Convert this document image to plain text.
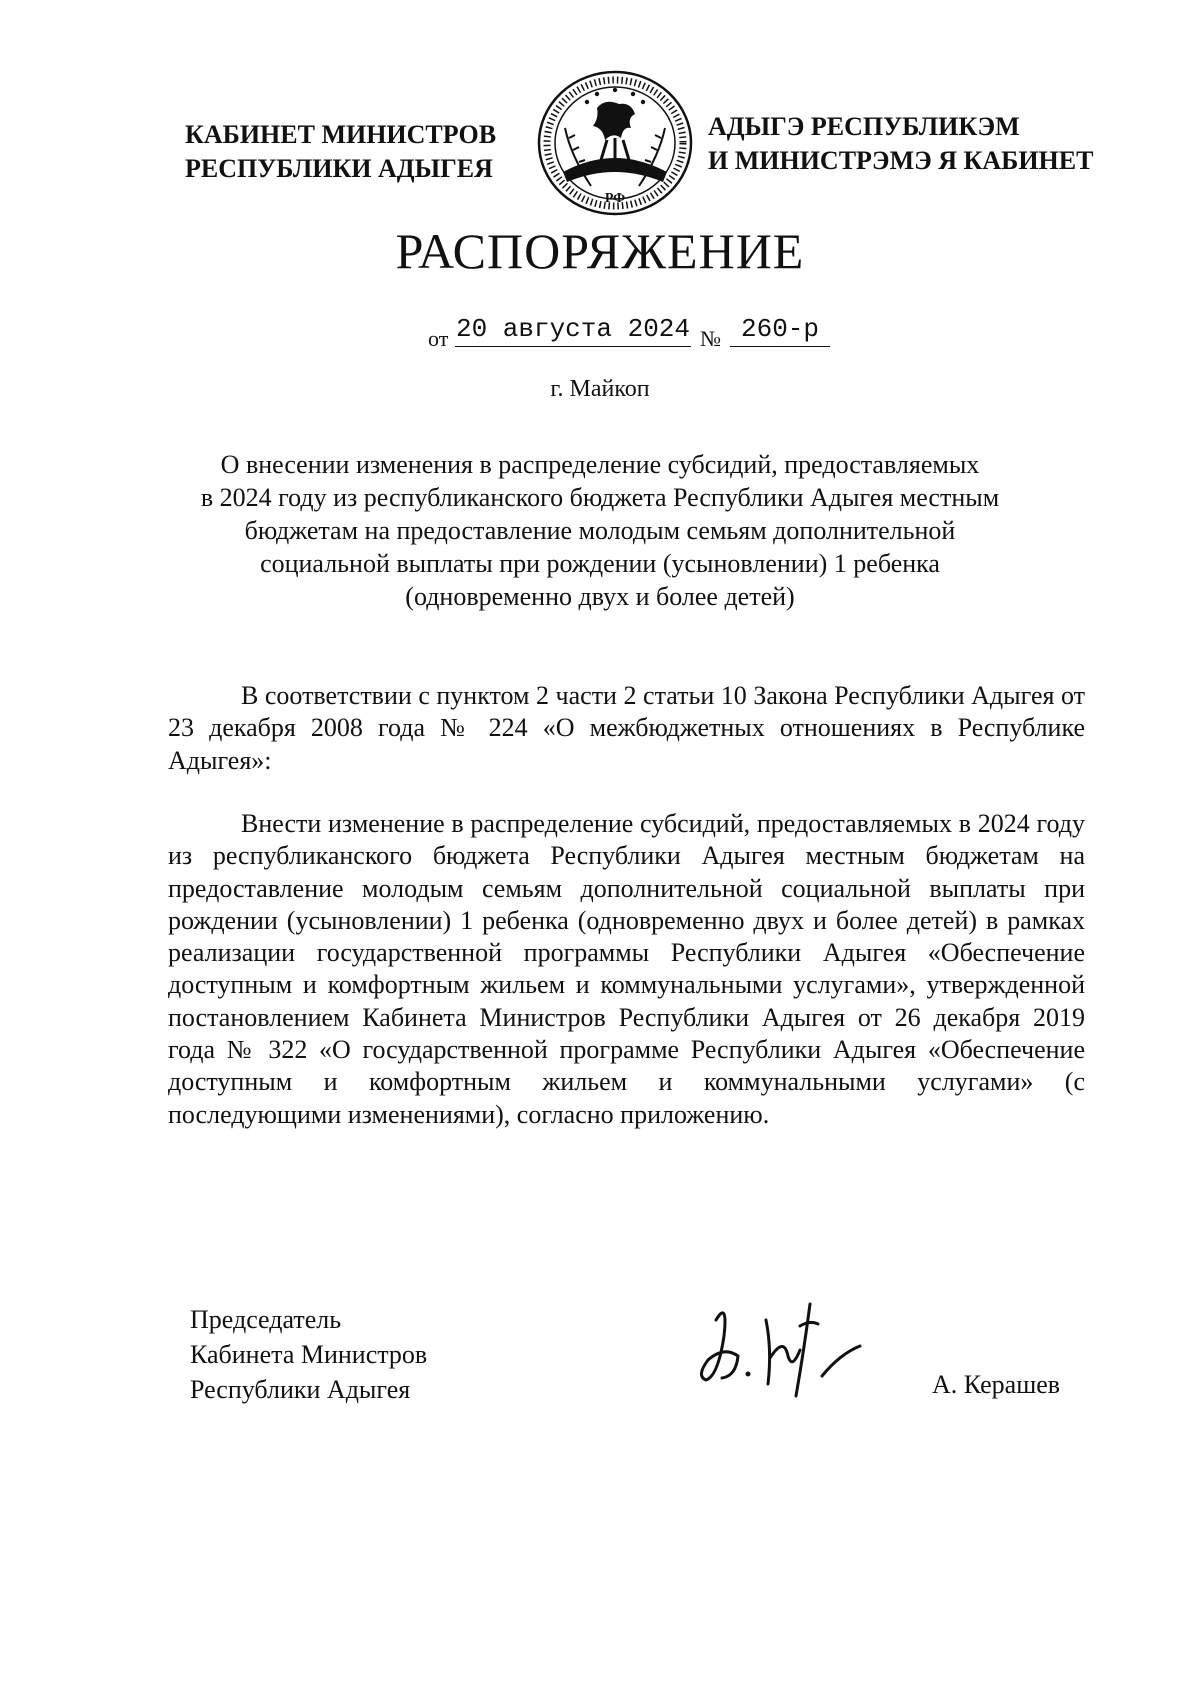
КАБИНЕТ МИНИСТРОВ
РЕСПУБЛИКИ АДЫГЕЯ
РФ
АДЫГЭ РЕСПУБЛИКЭМ
И МИНИСТРЭМЭ Я КАБИНЕТ
РАСПОРЯЖЕНИЕ
от 20 августа 2024 № 260-р
г. Майкоп
О внесении изменения в распределение субсидий, предоставляемых
в 2024 году из республиканского бюджета Республики Адыгея местным
бюджетам на предоставление молодым семьям дополнительной
социальной выплаты при рождении (усыновлении) 1 ребенка
(одновременно двух и более детей)
В соответствии с пунктом 2 части 2 статьи 10 Закона Республики Адыгея от 23 декабря 2008 года № 224 «О межбюджетных отношениях в Республике Адыгея»:
Внести изменение в распределение субсидий, предоставляемых в 2024 году из республиканского бюджета Республики Адыгея местным бюджетам на предоставление молодым семьям дополнительной социальной выплаты при рождении (усыновлении) 1 ребенка (одновременно двух и более детей) в рамках реализации государственной программы Республики Адыгея «Обеспечение доступным и комфортным жильем и коммунальными услугами», утвержденной постановлением Кабинета Министров Республики Адыгея от 26 декабря 2019 года № 322 «О государственной программе Республики Адыгея «Обеспечение доступным и комфортным жильем и коммунальными услугами» (с последующими изменениями), согласно приложению.
Председатель
Кабинета Министров
Республики Адыгея	А. Керашев
